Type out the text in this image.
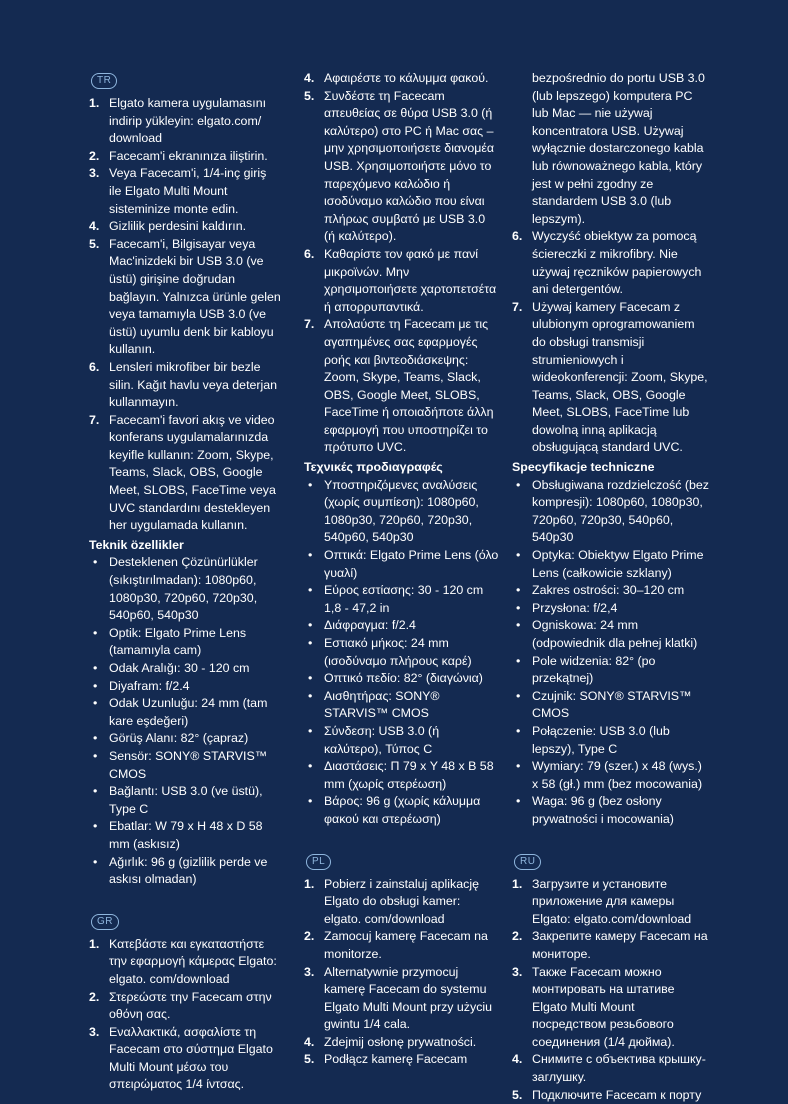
TR
1. Elgato kamera uygulamasını indirip yükleyin: elgato.com/ download
2. Facecam'i ekranınıza iliştirin.
3. Veya Facecam'i, 1/4-inç giriş ile Elgato Multi Mount sisteminize monte edin.
4. Gizlilik perdesini kaldırın.
5. Facecam'i, Bilgisayar veya Mac'inizdeki bir USB 3.0 (ve üstü) girişine doğrudan bağlayın. Yalnızca ürünle gelen veya tamamıyla USB 3.0 (ve üstü) uyumlu denk bir kabloyu kullanın.
6. Lensleri mikrofiber bir bezle silin. Kağıt havlu veya deterjan kullanmayın.
7. Facecam'i favori akış ve video konferans uygulamalarınızda keyifle kullanın: Zoom, Skype, Teams, Slack, OBS, Google Meet, SLOBS, FaceTime veya UVC standardını destekleyen her uygulamada kullanın.
Teknik özellikler
• Desteklenen Çözünürlükler (sıkıştırılmadan): 1080p60, 1080p30, 720p60, 720p30, 540p60, 540p30
• Optik: Elgato Prime Lens (tamamıyla cam)
• Odak Aralığı: 30 - 120 cm
• Diyafram: f/2.4
• Odak Uzunluğu: 24 mm (tam kare eşdeğeri)
• Görüş Alanı: 82° (çapraz)
• Sensör: SONY® STARVIS™ CMOS
• Bağlantı: USB 3.0 (ve üstü), Type C
• Ebatlar: W 79 x H 48 x D 58 mm (askısız)
• Ağırlık: 96 g (gizlilik perde ve askısı olmadan)
GR
1. Κατεβάστε και εγκαταστήστε την εφαρμογή κάμερας Elgato: elgato. com/download
2. Στερεώστε την Facecam στην οθόνη σας.
3. Εναλλακτικά, ασφαλίστε τη Facecam στο σύστημα Elgato Multi Mount μέσω του σπειρώματος 1/4 ίντσας.
4. Αφαιρέστε το κάλυμμα φακού.
5. Συνδέστε τη Facecam απευθείας σε θύρα USB 3.0 (ή καλύτερο) στο PC ή Mac σας – μην χρησιμοποιήσετε διανομέα USB. Χρησιμοποιήστε μόνο το παρεχόμενο καλώδιο ή ισοδύναμο καλώδιο που είναι πλήρως συμβατό με USB 3.0 (ή καλύτερο).
6. Καθαρίστε τον φακό με πανί μικροϊνών. Μην χρησιμοποιήσετε χαρτοπετσέτα ή απορρυπαντικά.
7. Απολαύστε τη Facecam με τις αγαπημένες σας εφαρμογές ροής και βιντεοδιάσκεψης: Zoom, Skype, Teams, Slack, OBS, Google Meet, SLOBS, FaceTime ή οποιαδήποτε άλλη εφαρμογή που υποστηρίζει το πρότυπο UVC.
Τεχνικές προδιαγραφές
• Υποστηριζόμενες αναλύσεις (χωρίς συμπίεση): 1080p60, 1080p30, 720p60, 720p30, 540p60, 540p30
• Οπτικά: Elgato Prime Lens (όλο γυαλί)
• Εύρος εστίασης: 30 - 120 cm 1,8 - 47,2 in
• Διάφραγμα: f/2.4
• Εστιακό μήκος: 24 mm (ισοδύναμο πλήρους καρέ)
• Οπτικό πεδίο: 82° (διαγώνια)
• Αισθητήρας: SONY® STARVIS™ CMOS
• Σύνδεση: USB 3.0 (ή καλύτερο), Τύπος C
• Διαστάσεις: Π 79 x Υ 48 x Β 58 mm (χωρίς στερέωση)
• Βάρος: 96 g (χωρίς κάλυμμα φακού και στερέωση)
PL
1. Pobierz i zainstaluj aplikację Elgato do obsługi kamer: elgato. com/download
2. Zamocuj kamerę Facecam na monitorze.
3. Alternatywnie przymocuj kamerę Facecam do systemu Elgato Multi Mount przy użyciu gwintu 1/4 cala.
4. Zdejmij osłonę prywatności.
5. Podłącz kamerę Facecam
bezpośrednio do portu USB 3.0 (lub lepszego) komputera PC lub Mac — nie używaj koncentratora USB. Używaj wyłącznie dostarczonego kabla lub równoważnego kabla, który jest w pełni zgodny ze standardem USB 3.0 (lub lepszym).
6. Wyczyść obiektyw za pomocą ściereczki z mikrofibry. Nie używaj ręczników papierowych ani detergentów.
7. Używaj kamery Facecam z ulubionym oprogramowaniem do obsługi transmisji strumieniowych i wideokonferencji: Zoom, Skype, Teams, Slack, OBS, Google Meet, SLOBS, FaceTime lub dowolną inną aplikacją obsługującą standard UVC.
Specyfikacje techniczne
• Obsługiwana rozdzielczość (bez kompresji): 1080p60, 1080p30, 720p60, 720p30, 540p60, 540p30
• Optyka: Obiektyw Elgato Prime Lens (całkowicie szklany)
• Zakres ostrości: 30–120 cm
• Przysłona: f/2,4
• Ogniskowa: 24 mm (odpowiednik dla pełnej klatki)
• Pole widzenia: 82° (po przekątnej)
• Czujnik: SONY® STARVIS™ CMOS
• Połączenie: USB 3.0 (lub lepszy), Type C
• Wymiary: 79 (szer.) x 48 (wys.) x 58 (gł.) mm (bez mocowania)
• Waga: 96 g (bez osłony prywatności i mocowania)
RU
1. Загрузите и установите приложение для камеры Elgato: elgato.com/download
2. Закрепите камеру Facecam на мониторе.
3. Также Facecam можно монтировать на штативе Elgato Multi Mount посредством резьбового соединения (1/4 дюйма).
4. Снимите с объектива крышку-заглушку.
5. Подключите Facecam к порту
